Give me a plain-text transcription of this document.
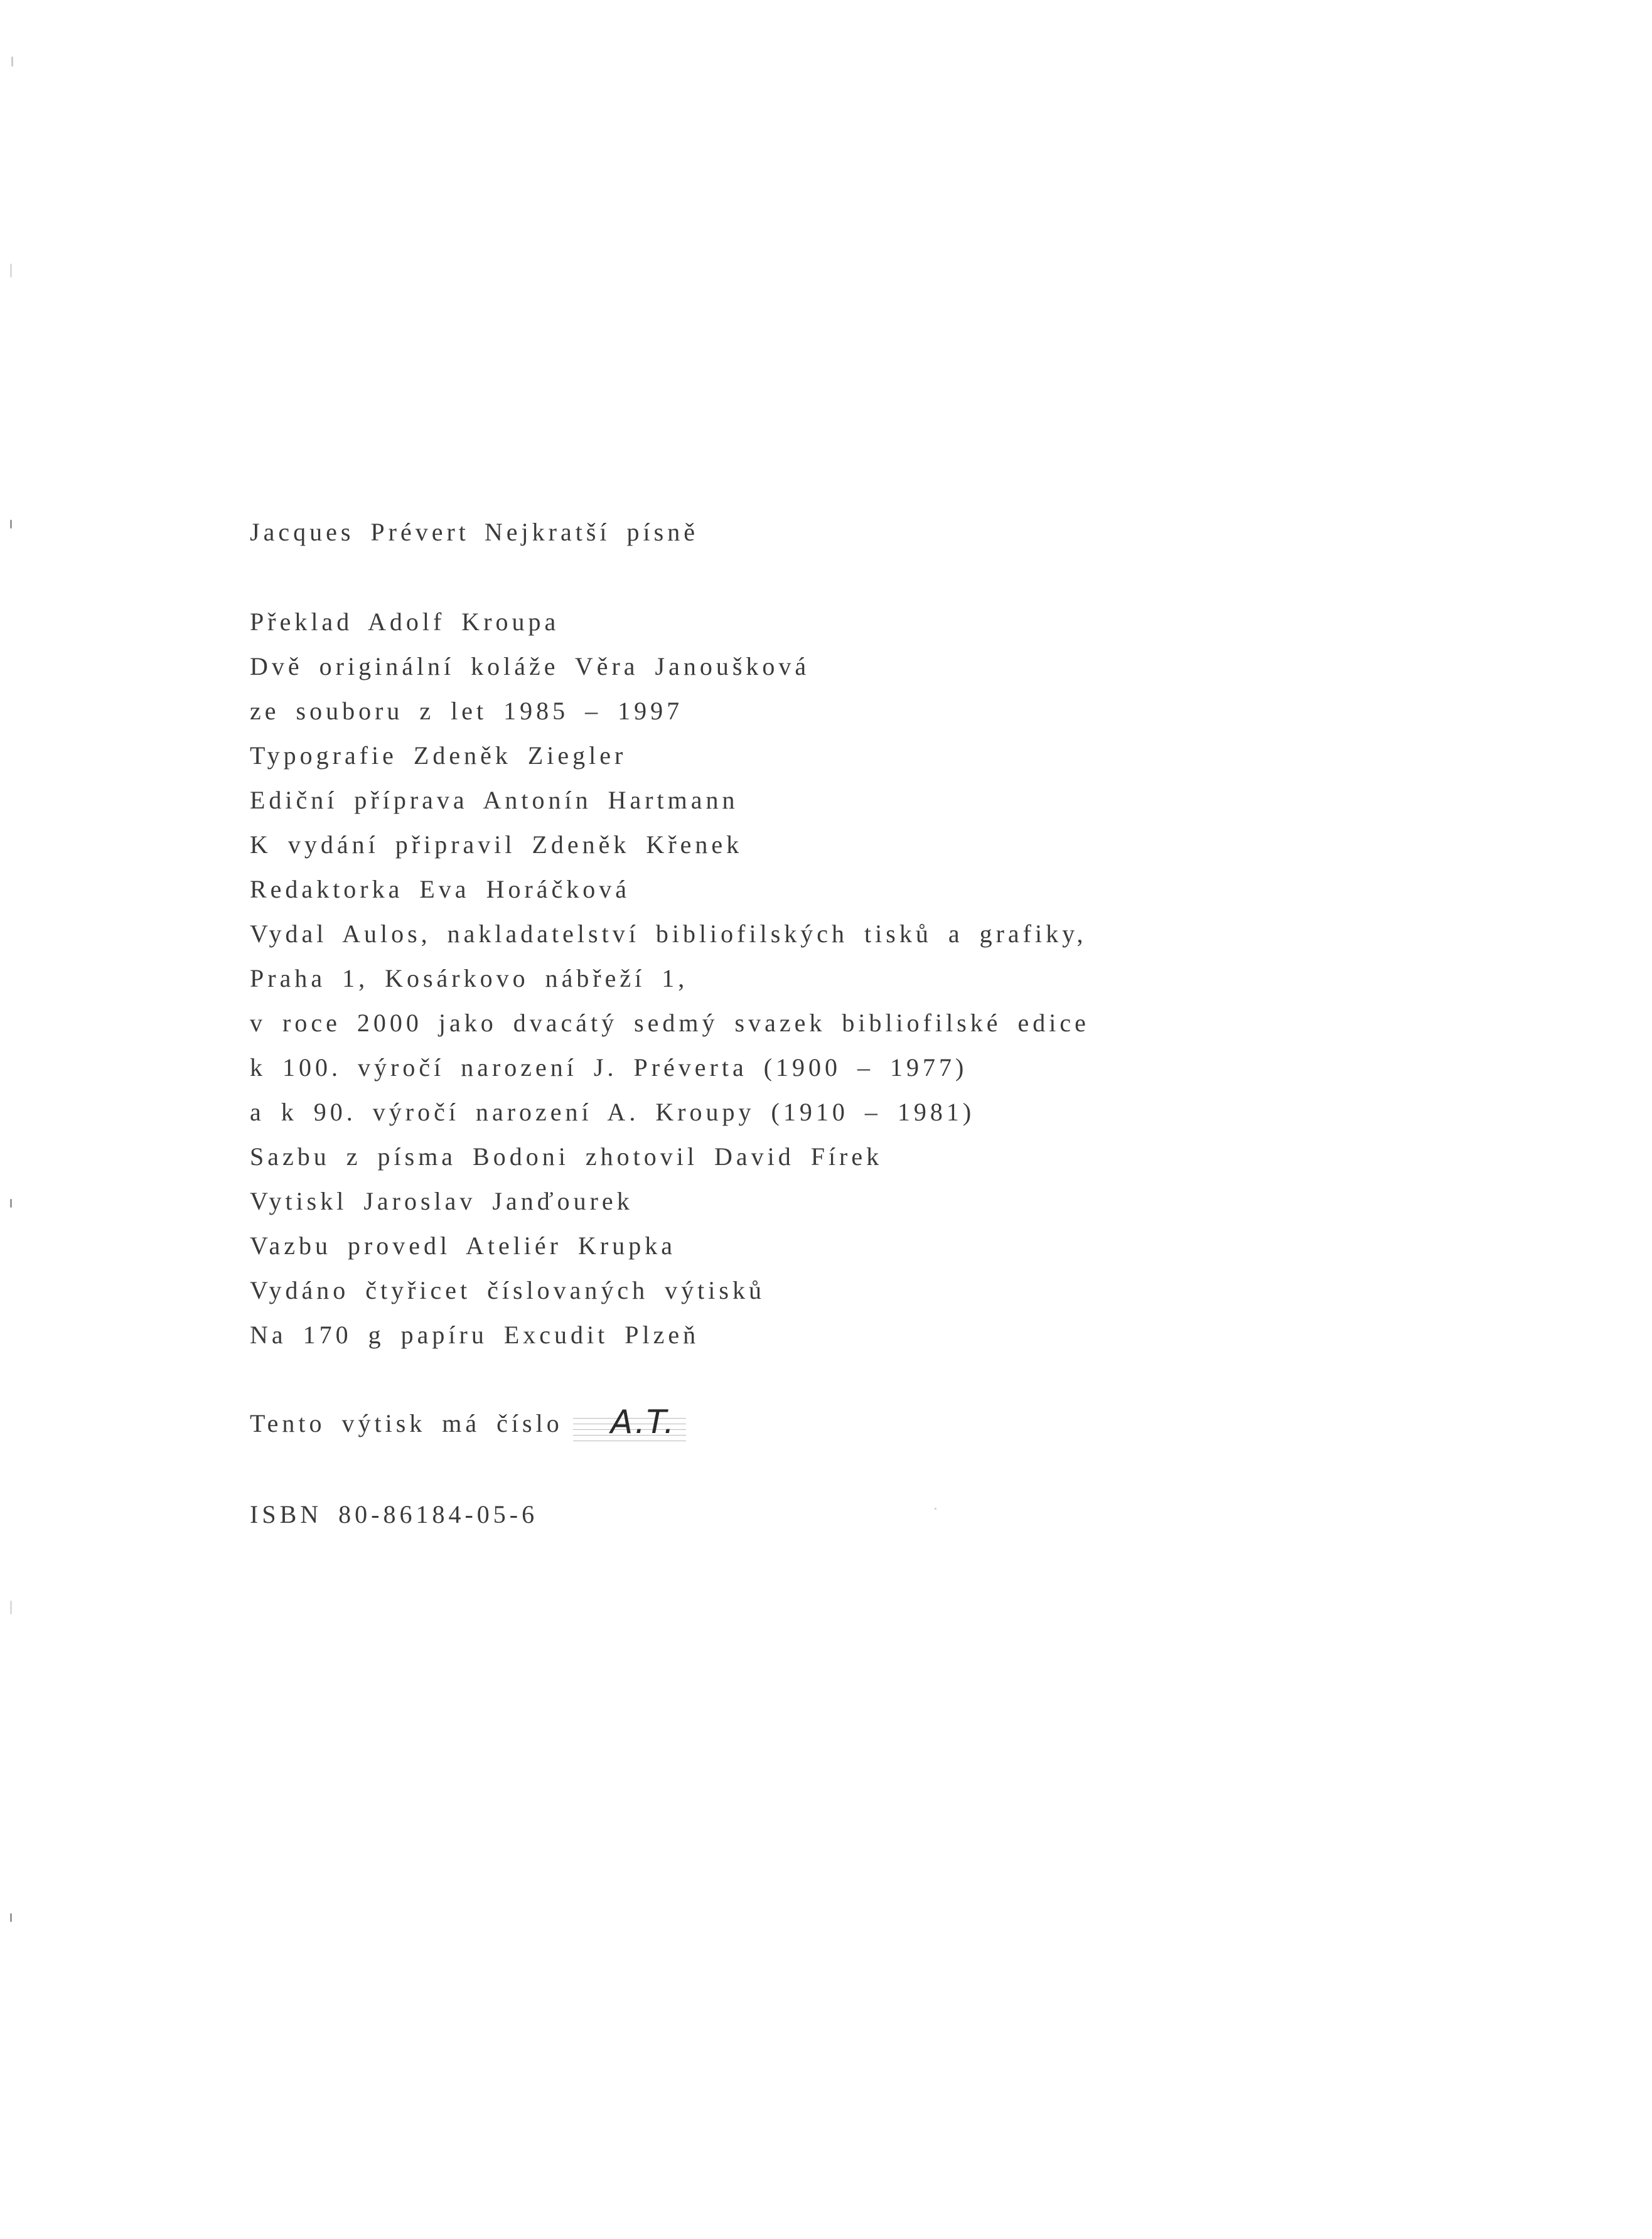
Jacques Prévert Nejkratší písně
Překlad Adolf Kroupa
Dvě originální koláže Věra Janoušková
ze souboru z let 1985 – 1997
Typografie Zdeněk Ziegler
Ediční příprava Antonín Hartmann
K vydání připravil Zdeněk Křenek
Redaktorka Eva Horáčková
Vydal Aulos, nakladatelství bibliofilských tisků a grafiky,
Praha 1, Kosárkovo nábřeží 1,
v roce 2000 jako dvacátý sedmý svazek bibliofilské edice
k 100. výročí narození J. Préverta (1900 – 1977)
a k 90. výročí narození A. Kroupy (1910 – 1981)
Sazbu z písma Bodoni zhotovil David Fírek
Vytiskl Jaroslav Janďourek
Vazbu provedl Ateliér Krupka
Vydáno čtyřicet číslovaných výtisků
Na 170 g papíru Excudit Plzeň
Tento výtisk má číslo A.T.
ISBN 80-86184-05-6
